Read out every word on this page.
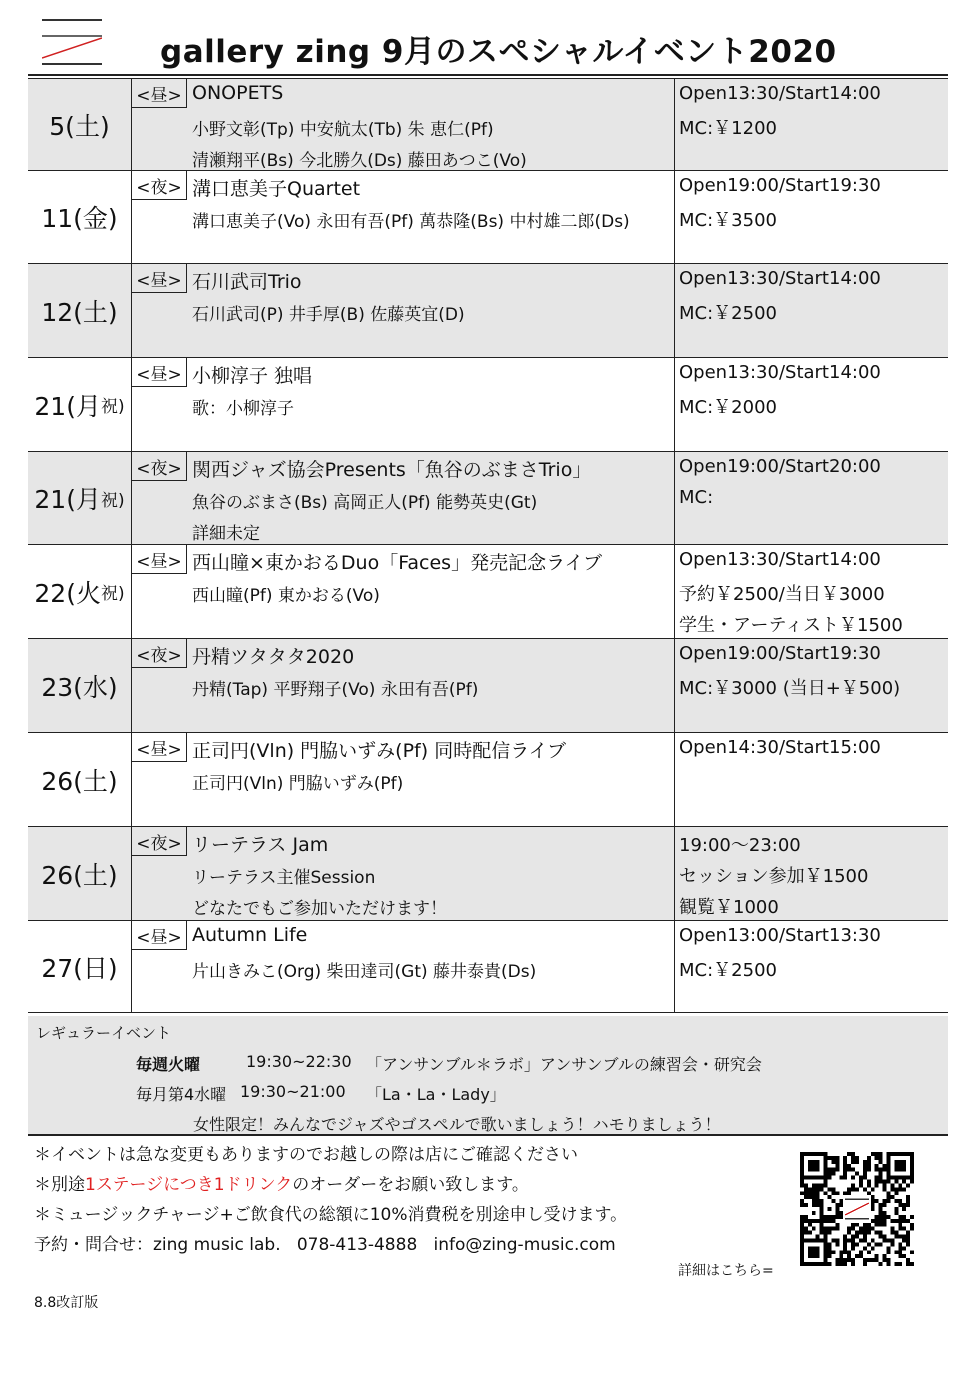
gallery zing 9月のスペシャルイベント2020
5(土)
<昼> ONOPETS
小野文彰(Tp) 中安航太(Tb) 朱 恵仁(Pf)
清瀬翔平(Bs) 今北勝久(Ds) 藤田あつこ(Vo)
Open13:30/Start14:00
MC:￥1200
11(金)
<夜> 溝口恵美子Quartet
溝口恵美子(Vo) 永田有吾(Pf) 萬恭隆(Bs) 中村雄二郎(Ds)
Open19:00/Start19:30
MC:￥3500
12(土)
<昼> 石川武司Trio
石川武司(P) 井手厚(B) 佐藤英宜(D)
Open13:30/Start14:00
MC:￥2500
21(月 祝)
<昼> 小柳淳子 独唱
歌：小柳淳子
Open13:30/Start14:00
MC:￥2000
21(月 祝)
<夜> 関西ジャズ協会Presents「魚谷のぶまさTrio」
魚谷のぶまさ(Bs) 高岡正人(Pf) 能勢英史(Gt)
詳細未定
Open19:00/Start20:00
MC:
22(火 祝)
<昼> 西山瞳×東かおるDuo「Faces」発売記念ライブ
西山瞳(Pf) 東かおる(Vo)
Open13:30/Start14:00
予約￥2500/当日￥3000
学生・アーティスト￥1500
23(水)
<夜> 丹精ツタタタ2020
丹精(Tap) 平野翔子(Vo) 永田有吾(Pf)
Open19:00/Start19:30
MC:￥3000 (当日+￥500)
26(土)
<昼> 正司円(Vln) 門脇いずみ(Pf) 同時配信ライブ
正司円(Vln) 門脇いずみ(Pf)
Open14:30/Start15:00
26(土)
<夜> リーテラス Jam
リーテラス主催Session
どなたでもご参加いただけます！
19:00〜23:00
セッション参加￥1500
観覧￥1000
27(日)
<昼> Autumn Life
片山きみこ(Org) 柴田達司(Gt) 藤井泰貴(Ds)
Open13:00/Start13:30
MC:￥2500
レギュラーイベント
毎週火曜	19:30~22:30 「アンサンブル＊ラボ」アンサンブルの練習会・研究会
毎月第4水曜 19:30~21:00 「La・La・Lady」
女性限定！みんなでジャズやゴスペルで歌いましょう！ハモりましょう！
＊イベントは急な変更もありますのでお越しの際は店にご確認ください
＊別途1ステージにつき1ドリンクのオーダーをお願い致します。
＊ミュージックチャージ+ご飲食代の総額に10%消費税を別途申し受けます。
予約・問合せ：zing music lab.   078-413-4888   info@zing-music.com
詳細はこちら=
8.8改訂版
